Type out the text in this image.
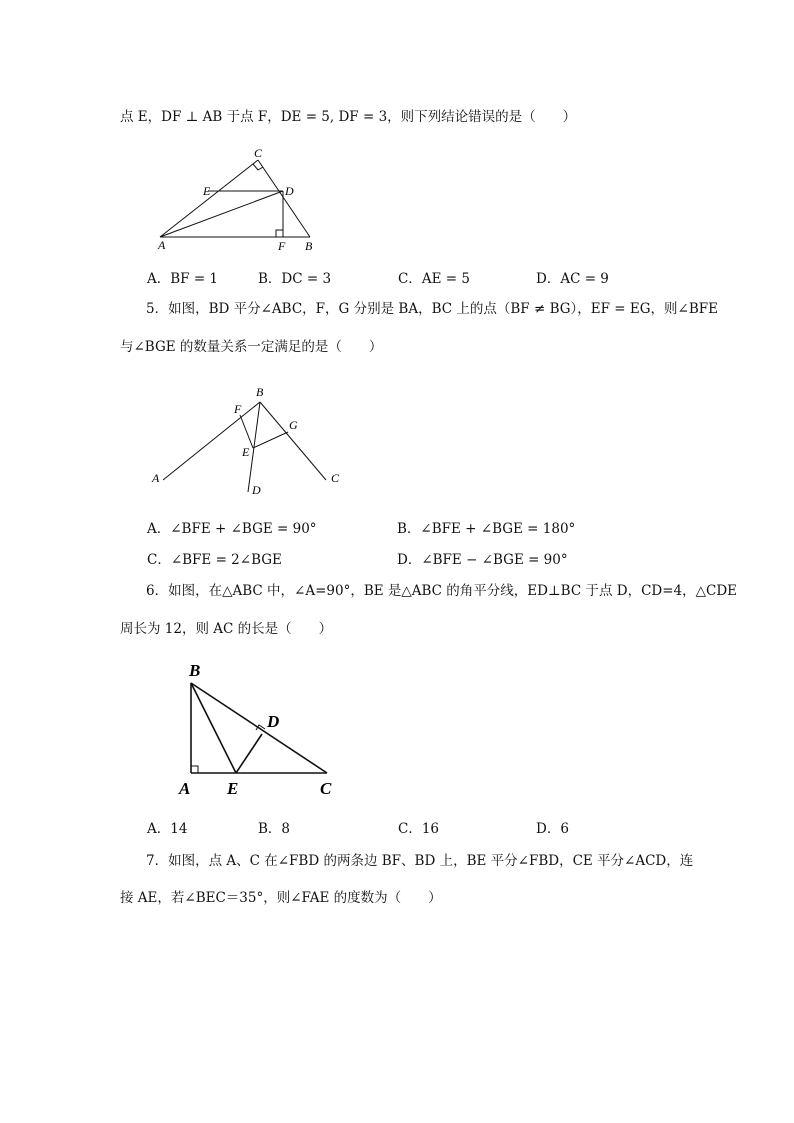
点 E，DF ⊥ AB 于点 F，DE = 5, DF = 3，则下列结论错误的是（　　）
C
E	D
A	F B
A．BF = 1	B．DC = 3	C．AE = 5	D．AC = 9
5．如图，BD 平分∠ABC，F，G 分别是 BA，BC 上的点（BF ≠ BG），EF = EG，则∠BFE
与∠BGE 的数量关系一定满足的是（　　）
B
F
G
E
A
D
C
A．∠BFE + ∠BGE = 90°	B．∠BFE + ∠BGE = 180°
C．∠BFE = 2∠BGE	D．∠BFE − ∠BGE = 90°
6．如图，在△ABC 中，∠A=90°，BE 是△ABC 的角平分线，ED⊥BC 于点 D，CD=4，△CDE
周长为 12，则 AC 的长是（　　）
B
D
A E	C
A．14	B．8	C．16	D．6
7．如图，点 A、C 在∠FBD 的两条边 BF、BD 上，BE 平分∠FBD，CE 平分∠ACD，连
接 AE，若∠BEC＝35°，则∠FAE 的度数为（　　）
